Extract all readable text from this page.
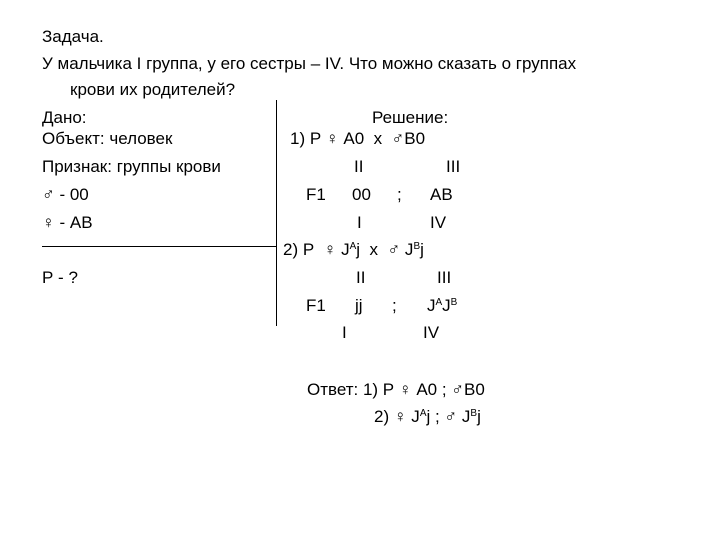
Задача.
У мальчика I группа, у его сестры – IV. Что можно сказать о группах
крови их родителей?
Дано:
Объект: человек
Признак: группы крови
♂ - 00
♀ - АВ
Р - ?
Решение:
1) Р ♀ А0  х  ♂В0
II	III
F1 00 ; АВ
I	IV
2) Р  ♀ $J^Aj$  х  ♂ $J^Bj$
II	III
F1 jj ; $J^AJ^B$
I	IV
Ответ: 1) Р ♀ А0 ; ♂В0
2) ♀ $J^Aj$ ; ♂ $J^Bj$
